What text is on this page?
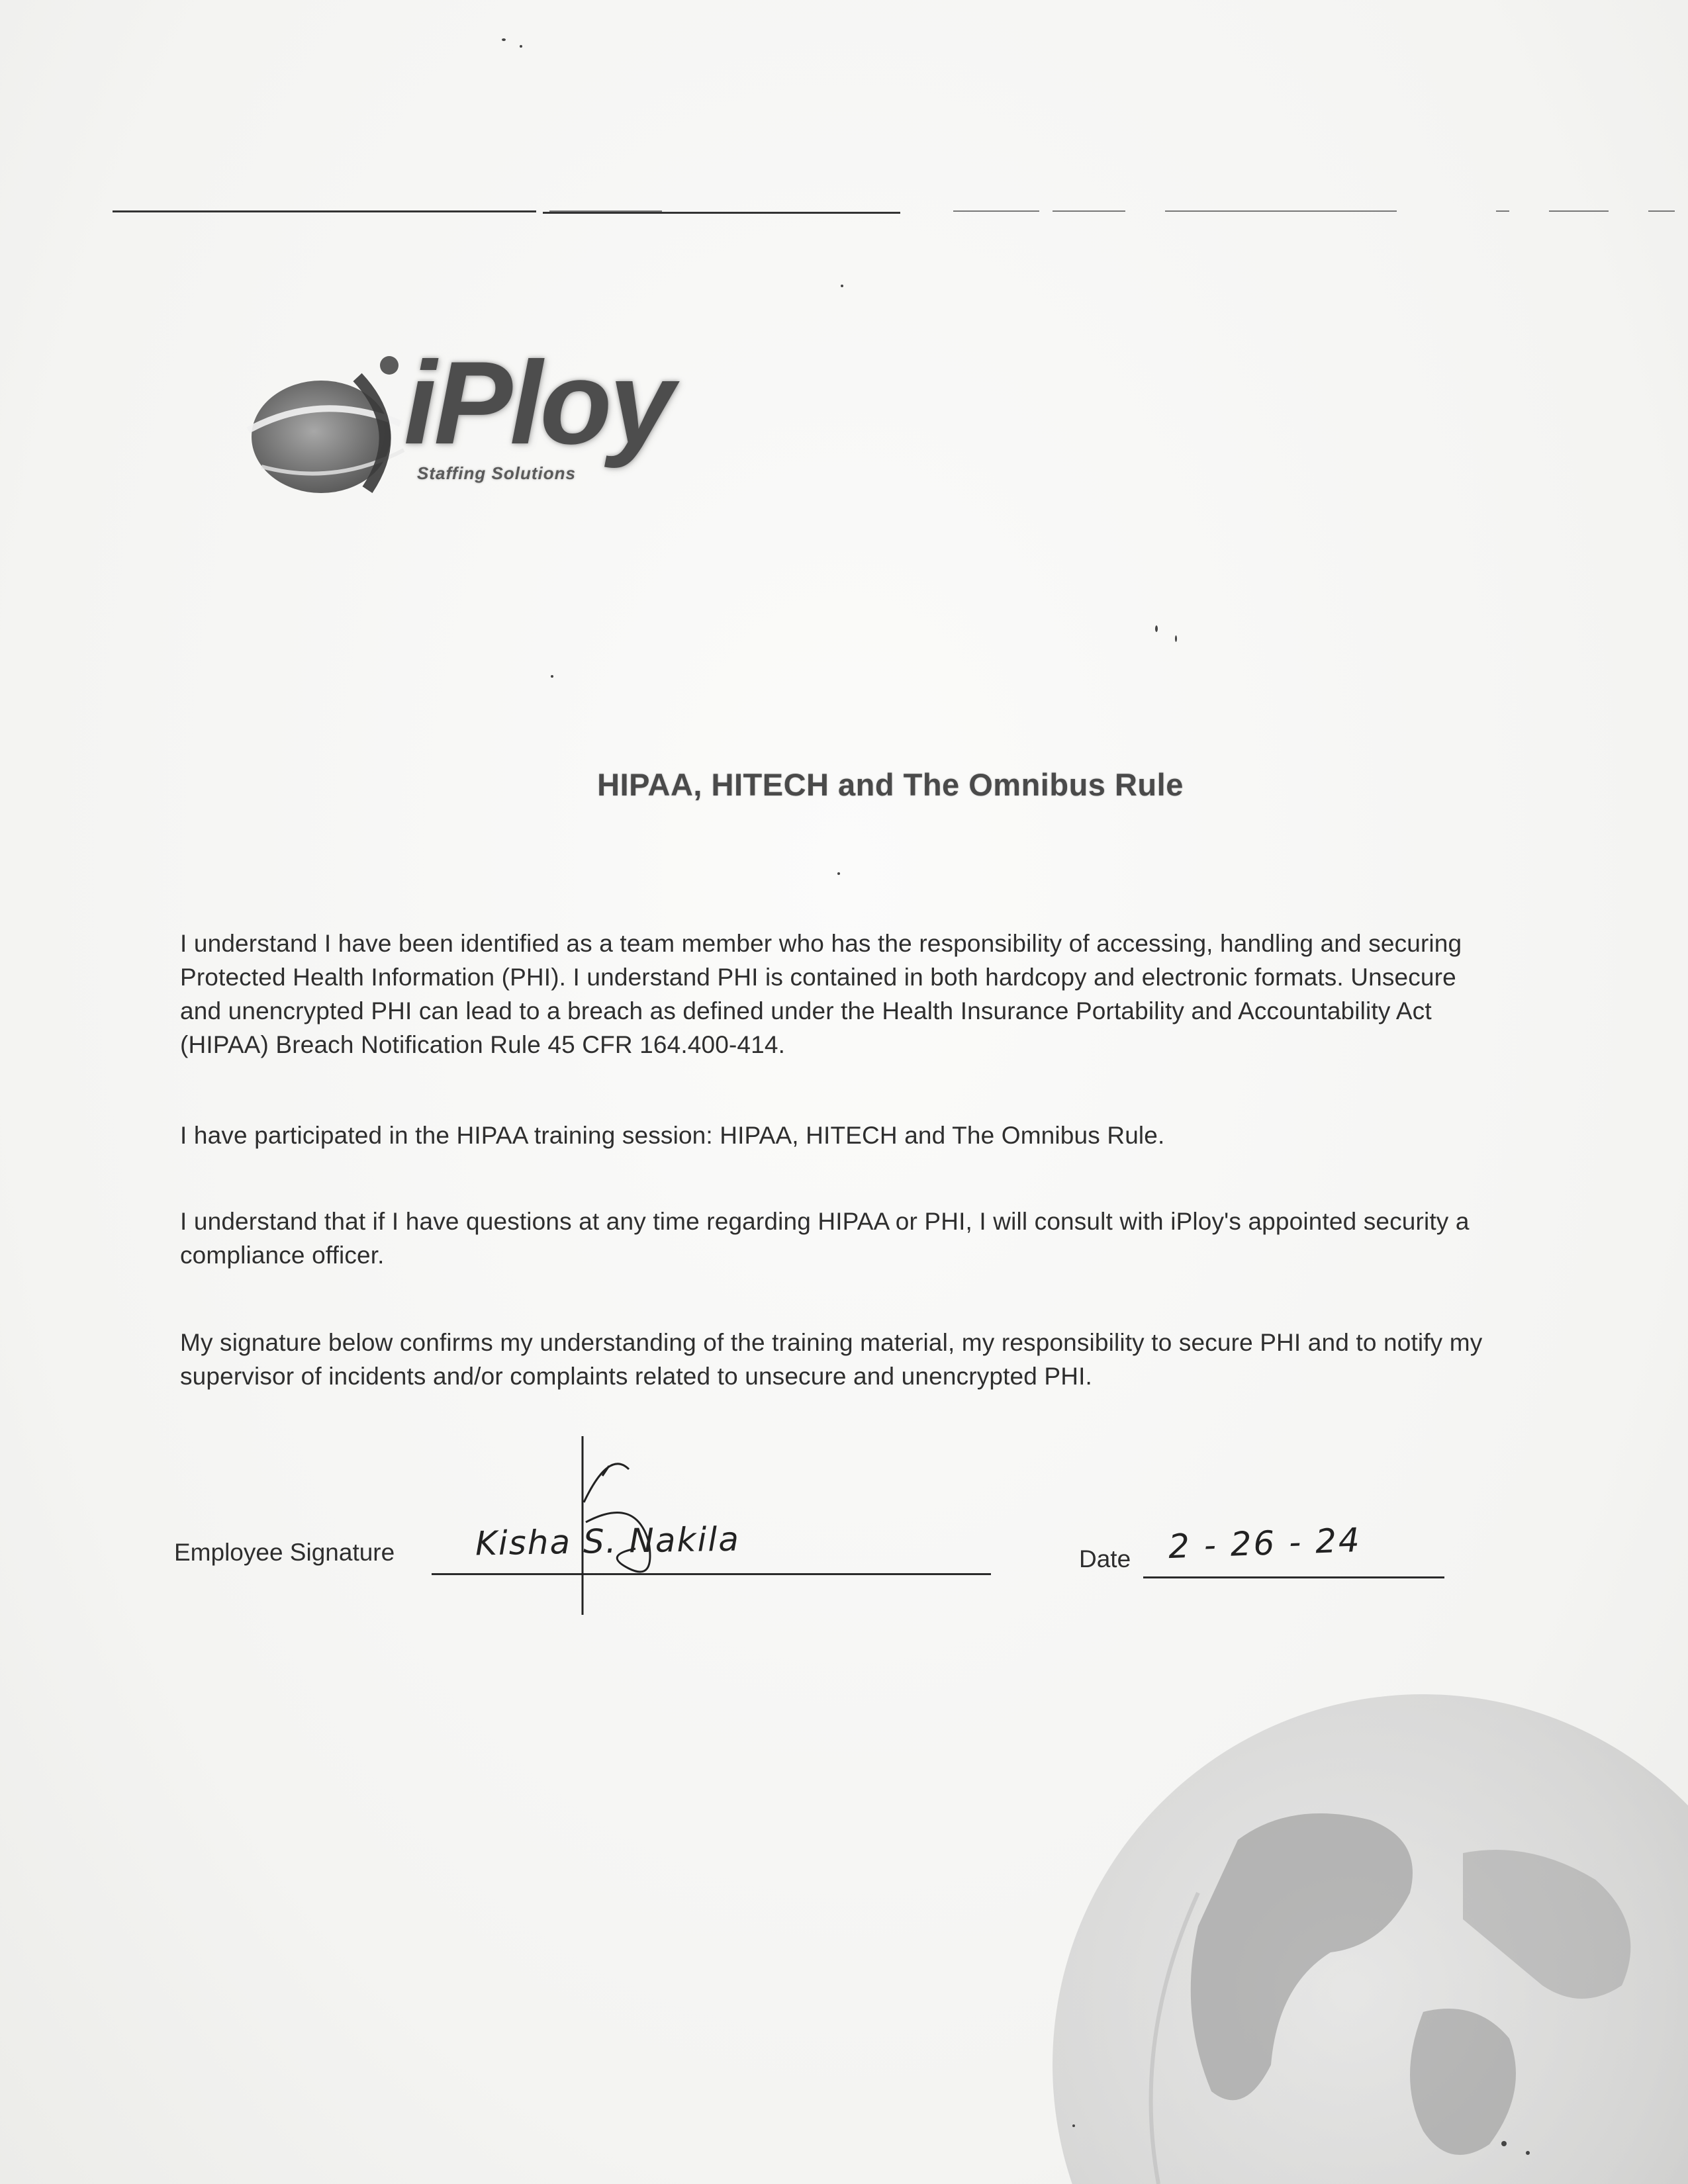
iPloy
Staffing Solutions
HIPAA, HITECH and The Omnibus Rule
I understand I have been identified as a team member who has the responsibility of accessing, handling and securing
Protected Health Information (PHI). I understand PHI is contained in both hardcopy and electronic formats. Unsecure
and unencrypted PHI can lead to a breach as defined under the Health Insurance Portability and Accountability Act
(HIPAA) Breach Notification Rule 45 CFR 164.400-414.
I have participated in the HIPAA training session: HIPAA, HITECH and The Omnibus Rule.
I understand that if I have questions at any time regarding HIPAA or PHI, I will consult with iPloy's appointed security a
compliance officer.
My signature below confirms my understanding of the training material, my responsibility to secure PHI and to notify my
supervisor of incidents and/or complaints related to unsecure and unencrypted PHI.
Employee Signature Kisha S. Nakila	Date 2 - 26 - 24
